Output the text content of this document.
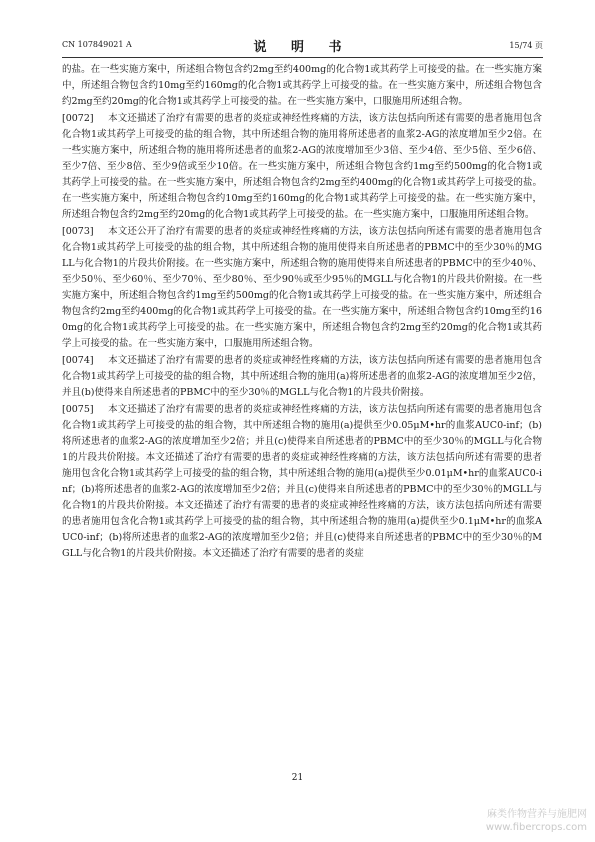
CN 107849021 A	说 明 书	15/74 页

的盐。在一些实施方案中，所述组合物包含约2mg至约400mg的化合物1或其药学上可接受的盐。在一些实施方案中，所述组合物包含约10mg至约160mg的化合物1或其药学上可接受的盐。在一些实施方案中，所述组合物包含约2mg至约20mg的化合物1或其药学上可接受的盐。在一些实施方案中，口服施用所述组合物。

[0072] 本文还描述了治疗有需要的患者的炎症或神经性疼痛的方法，该方法包括向所述有需要的患者施用包含化合物1或其药学上可接受的盐的组合物，其中所述组合物的施用将所述患者的血浆2-AG的浓度增加至少2倍。在一些实施方案中，所述组合物的施用将所述患者的血浆2-AG的浓度增加至少3倍、至少4倍、至少5倍、至少6倍、至少7倍、至少8倍、至少9倍或至少10倍。在一些实施方案中，所述组合物包含约1mg至约500mg的化合物1或其药学上可接受的盐。在一些实施方案中，所述组合物包含约2mg至约400mg的化合物1或其药学上可接受的盐。在一些实施方案中，所述组合物包含约10mg至约160mg的化合物1或其药学上可接受的盐。在一些实施方案中，所述组合物包含约2mg至约20mg的化合物1或其药学上可接受的盐。在一些实施方案中，口服施用所述组合物。

[0073] 本文还公开了治疗有需要的患者的炎症或神经性疼痛的方法，该方法包括向所述有需要的患者施用包含化合物1或其药学上可接受的盐的组合物，其中所述组合物的施用使得来自所述患者的PBMC中的至少30％的MGLL与化合物1的片段共价附接。在一些实施方案中，所述组合物的施用使得来自所述患者的PBMC中的至少40％、至少50％、至少60％、至少70％、至少80％、至少90％或至少95％的MGLL与化合物1的片段共价附接。在一些实施方案中，所述组合物包含约1mg至约500mg的化合物1或其药学上可接受的盐。在一些实施方案中，所述组合物包含约2mg至约400mg的化合物1或其药学上可接受的盐。在一些实施方案中，所述组合物包含约10mg至约160mg的化合物1或其药学上可接受的盐。在一些实施方案中，所述组合物包含约2mg至约20mg的化合物1或其药学上可接受的盐。在一些实施方案中，口服施用所述组合物。

[0074] 本文还描述了治疗有需要的患者的炎症或神经性疼痛的方法，该方法包括向所述有需要的患者施用包含化合物1或其药学上可接受的盐的组合物，其中所述组合物的施用(a)将所述患者的血浆2-AG的浓度增加至少2倍，并且(b)使得来自所述患者的PBMC中的至少30％的MGLL与化合物1的片段共价附接。

[0075] 本文还描述了治疗有需要的患者的炎症或神经性疼痛的方法，该方法包括向所述有需要的患者施用包含化合物1或其药学上可接受的盐的组合物，其中所述组合物的施用(a)提供至少0.05μM•hr的血浆AUC0-inf；(b)将所述患者的血浆2-AG的浓度增加至少2倍；并且(c)使得来自所述患者的PBMC中的至少30％的MGLL与化合物1的片段共价附接。本文还描述了治疗有需要的患者的炎症或神经性疼痛的方法，该方法包括向所述有需要的患者施用包含化合物1或其药学上可接受的盐的组合物，其中所述组合物的施用(a)提供至少0.01μM•hr的血浆AUC0-inf；(b)将所述患者的血浆2-AG的浓度增加至少2倍；并且(c)使得来自所述患者的PBMC中的至少30％的MGLL与化合物1的片段共价附接。本文还描述了治疗有需要的患者的炎症或神经性疼痛的方法，该方法包括向所述有需要的患者施用包含化合物1或其药学上可接受的盐的组合物，其中所述组合物的施用(a)提供至少0.1μM•hr的血浆AUC0-inf；(b)将所述患者的血浆2-AG的浓度增加至少2倍；并且(c)使得来自所述患者的PBMC中的至少30％的MGLL与化合物1的片段共价附接。本文还描述了治疗有需要的患者的炎症

21
麻类作物营养与施肥网
www.fibercrops.com
